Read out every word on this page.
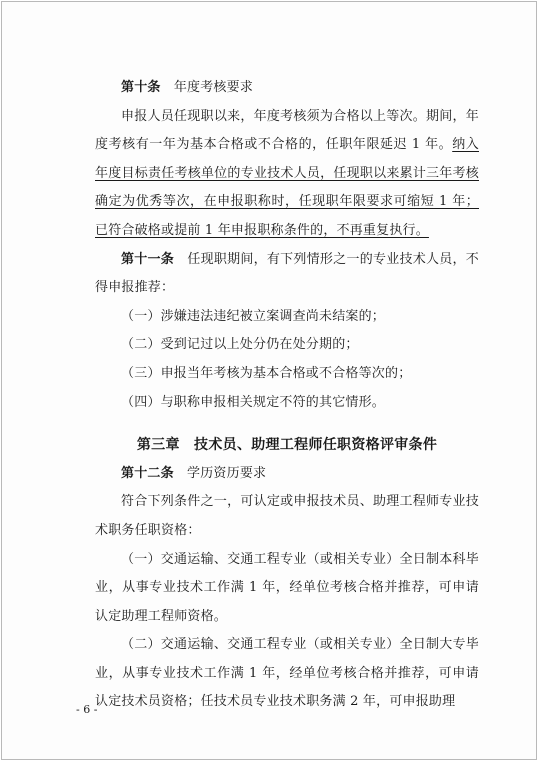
第十条　 年度考核要求

申报人员任现职以来，年度考核须为合格以上等次。期间，年度考核有一年为基本合格或不合格的，任职年限延迟 1 年。纳入年度目标责任考核单位的专业技术人员，任现职以来累计三年考核确定为优秀等次，在申报职称时，任现职年限要求可缩短 1 年；已符合破格或提前 1 年申报职称条件的，不再重复执行。

第十一条　 任现职期间，有下列情形之一的专业技术人员，不得申报推荐：

（一）涉嫌违法违纪被立案调查尚未结案的；

（二）受到记过以上处分仍在处分期的；

（三）申报当年考核为基本合格或不合格等次的；

（四）与职称申报相关规定不符的其它情形。

第三章　技术员、助理工程师任职资格评审条件

第十二条　 学历资历要求

符合下列条件之一，可认定或申报技术员、助理工程师专业技术职务任职资格：

（一）交通运输、交通工程专业（或相关专业）全日制本科毕业，从事专业技术工作满 1 年，经单位考核合格并推荐，可申请认定助理工程师资格。

（二）交通运输、交通工程专业（或相关专业）全日制大专毕业，从事专业技术工作满 1 年，经单位考核合格并推荐，可申请认定技术员资格；任技术员专业技术职务满 2 年，可申报助理

- 6 -
